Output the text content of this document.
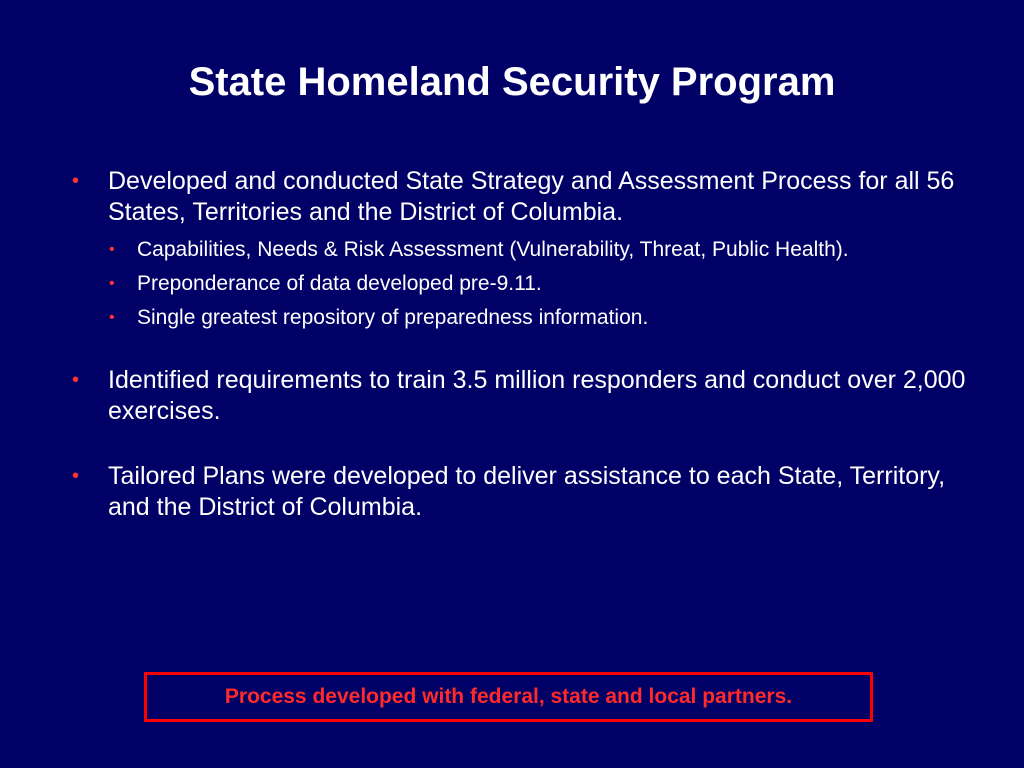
State Homeland Security Program
• Developed and conducted State Strategy and Assessment Process for all 56 States, Territories and the District of Columbia.
• Capabilities, Needs & Risk Assessment (Vulnerability, Threat, Public Health).
• Preponderance of data developed pre-9.11.
• Single greatest repository of preparedness information.
• Identified requirements to train 3.5 million responders and conduct over 2,000 exercises.
• Tailored Plans were developed to deliver assistance to each State, Territory, and the District of Columbia.
Process developed with federal, state and local partners.
